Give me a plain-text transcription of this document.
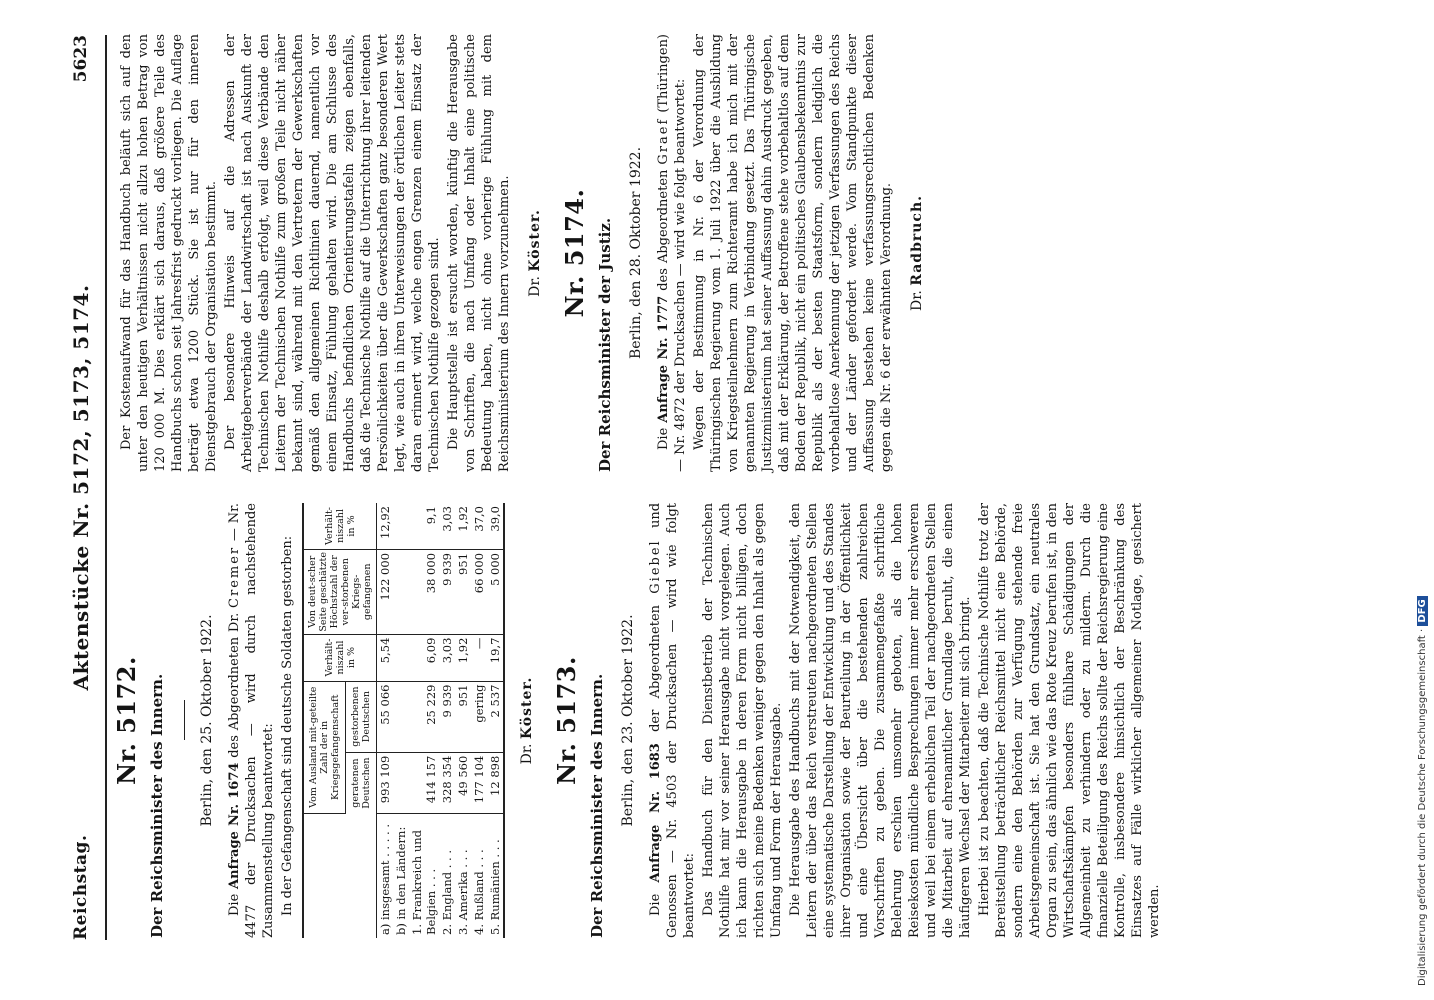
Reichstag.
Aktenstücke Nr. 5172, 5173, 5174.
5623
Nr. 5172. Der Reichsminister des Innern. Berlin, den 25. Oktober 1922.

Die Anfrage Nr. 1674 des Abgeordneten Dr. Cremer — Nr. 4477 der Drucksachen — wird durch nachstehende Zusammenstellung beantwortet: In der Gefangenschaft sind deutsche Soldaten gestorben:

	Vom Ausland mit-geteilte Zahl der in Kriegsgefangenschaft		Verhält-niszahl in %	Von deut-scher Seite geschätzte Höchstzahl der ver-storbenen Kriegs-gefangenen	Verhält-niszahl in %
	geratenen Deutschen	gestorbenen Deutschen			
a) insgesamt . . . . .	993 109	55 066	5,54	122 000	12,92
b) in den Ländern:					
1. Frankreich und Belgien . . .	414 157	25 229	6,09	38 000	9,1
2. England . . .	328 354	9 939	3,03	9 939	3,03
3. Amerika . . .	49 560	951	1,92	951	1,92
4. Rußland . . .	177 104	gering	—	66 000	37,0
5. Rumänien . . .	12 898	2 537	19,7	5 000	39,0
Dr. Köster. Nr. 5173. Der Reichsminister des Innern. Berlin, den 23. Oktober 1922.

Die Anfrage Nr. 1683 der Abgeordneten Giebel und Genossen — Nr. 4503 der Drucksachen — wird wie folgt beantwortet: Das Handbuch für den Dienstbetrieb der Technischen Nothilfe hat mir vor seiner Herausgabe nicht vorgelegen. Auch ich kann die Herausgabe in deren Form nicht billigen, doch richten sich meine Bedenken weniger gegen den Inhalt als gegen Umfang und Form der Herausgabe. Die Herausgabe des Handbuchs mit der Notwendigkeit, den Leitern der über das Reich verstreuten nachgeordneten Stellen eine systematische Darstellung der Entwicklung und des Standes ihrer Organisation sowie der Beurteilung in der Öffentlichkeit und eine Übersicht über die bestehenden zahlreichen Vorschriften zu geben. Die zusammengefaßte schriftliche Belehrung erschien umsomehr geboten, als die hohen Reisekosten mündliche Besprechungen immer mehr erschweren und weil bei einem erheblichen Teil der nachgeordneten Stellen die Mitarbeit auf ehrenamtlicher Grundlage beruht, die einen häufigeren Wechsel der Mitarbeiter mit sich bringt. Hierbei ist zu beachten, daß die Technische Nothilfe trotz der Bereitstellung beträchtlicher Reichsmittel nicht eine Behörde, sondern eine den Behörden zur Verfügung stehende freie Arbeitsgemeinschaft ist. Sie hat den Grundsatz, ein neutrales Organ zu sein, das ähnlich wie das Rote Kreuz berufen ist, in den Wirtschaftskämpfen besonders fühlbare Schädigungen der Allgemeinheit zu verhindern oder zu mildern. Durch die finanzielle Beteiligung des Reichs sollte der Reichsregierung eine Kontrolle, insbesondere hinsichtlich der Beschränkung des Einsatzes auf Fälle wirklicher allgemeiner Notlage, gesichert werden.

Der Kostenaufwand für das Handbuch beläuft sich auf den unter den heutigen Verhältnissen nicht allzu hohen Betrag von 120 000 M. Dies erklärt sich daraus, daß größere Teile des Handbuchs schon seit Jahresfrist gedruckt vorliegen. Die Auflage beträgt etwa 1200 Stück. Sie ist nur für den inneren Dienstgebrauch der Organisation bestimmt. Der besondere Hinweis auf die Adressen der Arbeitgeberverbände der Landwirtschaft ist nach Auskunft der Technischen Nothilfe deshalb erfolgt, weil diese Verbände den Leitern der Technischen Nothilfe zum großen Teile nicht näher bekannt sind, während mit den Vertretern der Gewerkschaften gemäß den allgemeinen Richtlinien dauernd, namentlich vor einem Einsatz, Fühlung gehalten wird. Die am Schlusse des Handbuchs befindlichen Orientierungstafeln zeigen ebenfalls, daß die Technische Nothilfe auf die Unterrichtung ihrer leitenden Persönlichkeiten über die Gewerkschaften ganz besonderen Wert legt, wie auch in ihren Unterweisungen der örtlichen Leiter stets daran erinnert wird, welche engen Grenzen einem Einsatz der Technischen Nothilfe gezogen sind. Die Hauptstelle ist ersucht worden, künftig die Herausgabe von Schriften, die nach Umfang oder Inhalt eine politische Bedeutung haben, nicht ohne vorherige Fühlung mit dem Reichsministerium des Innern vorzunehmen. Dr. Köster. Nr. 5174. Der Reichsminister der Justiz. Berlin, den 28. Oktober 1922.

Die Anfrage Nr. 1777 des Abgeordneten Graef (Thüringen) — Nr. 4872 der Drucksachen — wird wie folgt beantwortet: Wegen der Bestimmung in Nr. 6 der Verordnung der Thüringischen Regierung vom 1. Juli 1922 über die Ausbildung von Kriegsteilnehmern zum Richteramt habe ich mich mit der genannten Regierung in Verbindung gesetzt. Das Thüringische Justizministerium hat seiner Auffassung dahin Ausdruck gegeben, daß mit der Erklärung, der Betroffene stehe vorbehaltlos auf dem Boden der Republik, nicht ein politisches Glaubensbekenntnis zur Republik als der besten Staatsform, sondern lediglich die vorbehaltlose Anerkennung der jetzigen Verfassungen des Reichs und der Länder gefordert werde. Vom Standpunkte dieser Auffassung bestehen keine verfassungsrechtlichen Bedenken gegen die Nr. 6 der erwähnten Verordnung. Dr. Radbruch.
Digitalisierung gefördert durch die Deutsche Forschungsgemeinschaft · DFG
